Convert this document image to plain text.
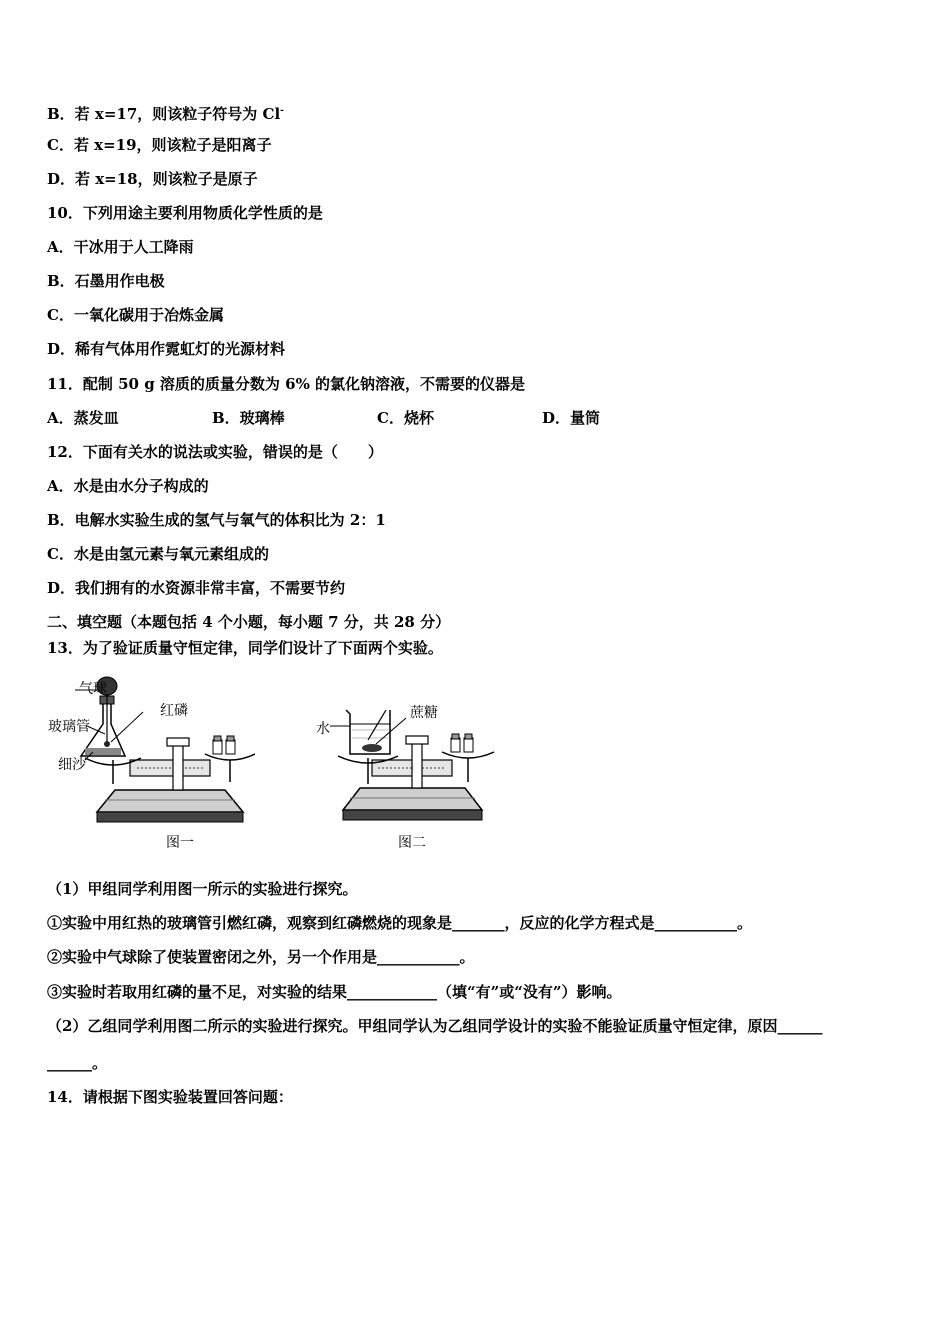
B．若 x=17，则该粒子符号为 Cl-
C．若 x=19，则该粒子是阳离子
D．若 x=18，则该粒子是原子
10．下列用途主要利用物质化学性质的是
A．干冰用于人工降雨
B．石墨用作电极
C．一氧化碳用于冶炼金属
D．稀有气体用作霓虹灯的光源材料
11．配制 50 g 溶质的质量分数为 6% 的氯化钠溶液，不需要的仪器是
A．蒸发皿	B．玻璃棒	C．烧杯	D．量筒
12．下面有关水的说法或实验，错误的是（　　）
A．水是由水分子构成的
B．电解水实验生成的氢气与氧气的体积比为 2：1
C．水是由氢元素与氧元素组成的
D．我们拥有的水资源非常丰富，不需要节约
二、填空题（本题包括 4 个小题，每小题 7 分，共 28 分）
13．为了验证质量守恒定律，同学们设计了下面两个实验。
气球
红磷
玻璃管
细沙
图一
水
蔗糖
图二
（1）甲组同学利用图一所示的实验进行探究。
①实验中用红热的玻璃管引燃红磷，观察到红磷燃烧的现象是_______，反应的化学方程式是___________。
②实验中气球除了使装置密闭之外，另一个作用是___________。
③实验时若取用红磷的量不足，对实验的结果____________（填“有”或“没有”）影响。
（2）乙组同学利用图二所示的实验进行探究。甲组同学认为乙组同学设计的实验不能验证质量守恒定律，原因______
______。
14．请根据下图实验装置回答问题：
